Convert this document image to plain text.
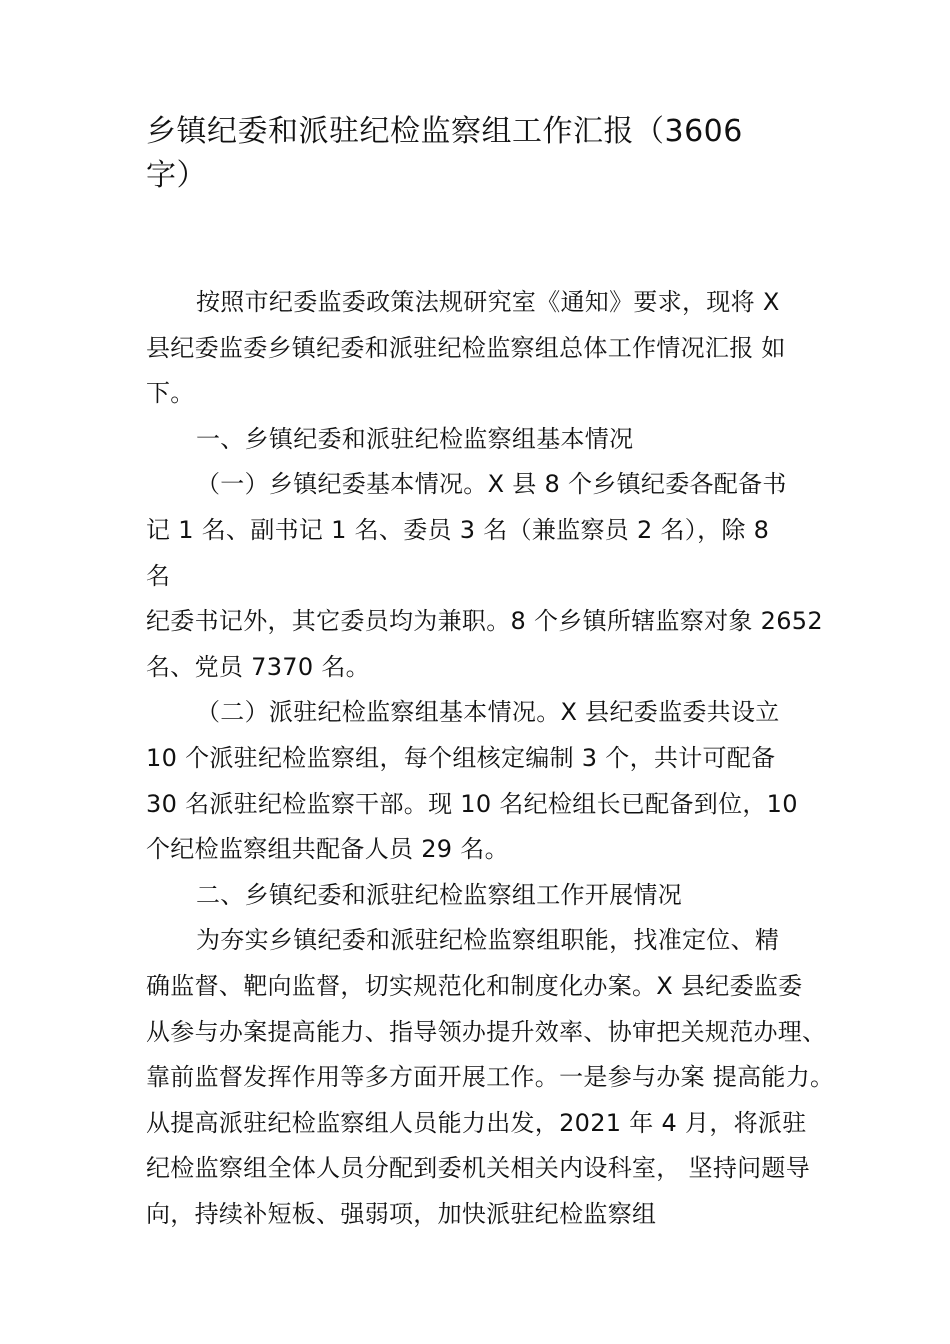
乡镇纪委和派驻纪检监察组工作汇报（3606
字）
按照市纪委监委政策法规研究室《通知》要求，现将 X
县纪委监委乡镇纪委和派驻纪检监察组总体工作情况汇报 如
下。
一、乡镇纪委和派驻纪检监察组基本情况
（一）乡镇纪委基本情况。X 县 8 个乡镇纪委各配备书
记 1 名、副书记 1 名、委员 3 名（兼监察员 2 名），除 8
名
纪委书记外，其它委员均为兼职。8 个乡镇所辖监察对象 2652
名、党员 7370 名。
（二）派驻纪检监察组基本情况。X 县纪委监委共设立
10 个派驻纪检监察组，每个组核定编制 3 个，共计可配备
30 名派驻纪检监察干部。现 10 名纪检组长已配备到位，10
个纪检监察组共配备人员 29 名。
二、乡镇纪委和派驻纪检监察组工作开展情况
为夯实乡镇纪委和派驻纪检监察组职能，找准定位、精
确监督、靶向监督，切实规范化和制度化办案。X 县纪委监委
从参与办案提高能力、指导领办提升效率、协审把关规范办理、
靠前监督发挥作用等多方面开展工作。一是参与办案 提高能力。
从提高派驻纪检监察组人员能力出发，2021 年 4 月，将派驻
纪检监察组全体人员分配到委机关相关内设科室， 坚持问题导
向，持续补短板、强弱项，加快派驻纪检监察组
